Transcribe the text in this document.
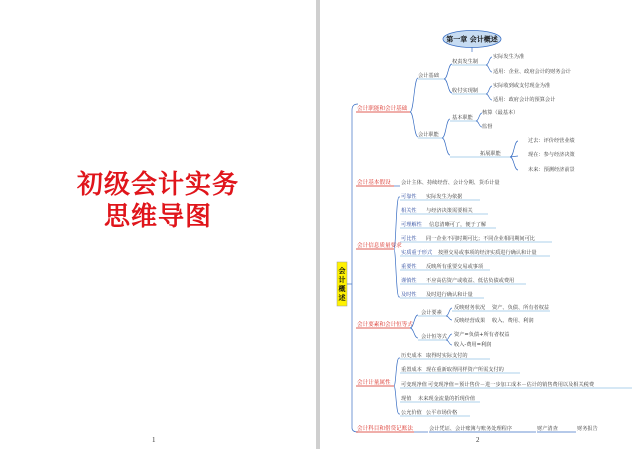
初级会计实务
思维导图
1
第一章 会计概述
会
计
概
述
会计职能和会计基础
会计基础
权责发生制
实际发生为准
适用：企业、政府会计的财务会计
收付实现制
实际收到或支付现金为准
适用：政府会计的预算会计
会计职能
基本职能
核算（最基本）
监督
拓展职能
过去：评价经营业绩
现在：参与经济决策
未来：预测经济前景
会计基本假设 会计主体、持续经营、会计分期、货币计量
会计信息质量要求
可靠性 实际发生为依据
相关性 与经济决策需要相关
可理解性 信息清晰可了，便于了解
可比性 同一企业不同时期可比；不同企业相同期间可比
实质重于形式 按照交易或事项的经济实质进行确认和计量
重要性 反映所有重要交易或事项
谨慎性 不应高估资产或收益、低估负债或费用
及时性 及时进行确认和计量
会计要素和会计恒等式
会计要素
反映财务状况 资产、负债、所有者权益
反映经营成果 收入、费用、利润
会计恒等式 资产=负债+所有者权益
收入-费用=利润
会计计量属性
历史成本 取得时实际支付的
重置成本 现在重新取得同样资产所需支付的
可变现净值 可变现净值＝预计售价－进一步加工成本－估计的销售费用以及相关税费
现值 未来现金流量的折现价值
公允价值 公平市场价格
会计科目和借贷记账法	会计凭证、会计账簿与账务处理程序	财产清查	财务报告
2
